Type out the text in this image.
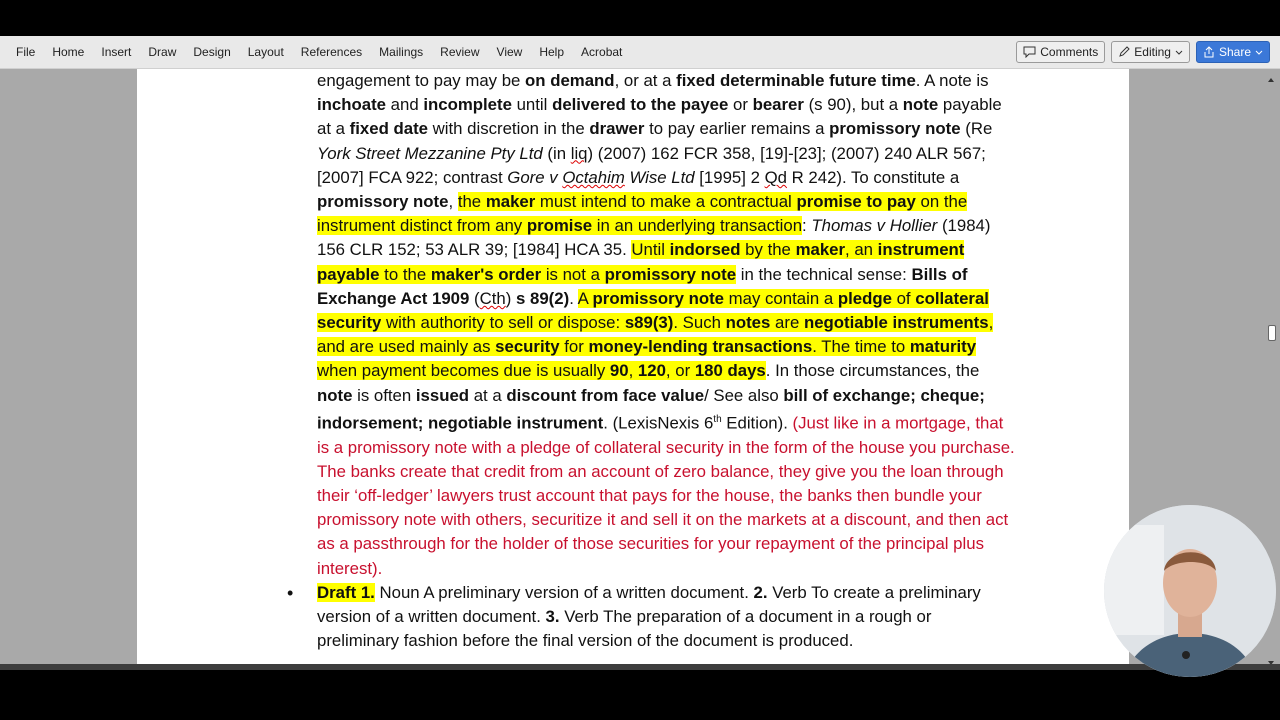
File	Home	Insert	Draw	Design	Layout	References	Mailings	Review	View	Help	Acrobat	Comments	Editing	Share

engagement to pay may be on demand, or at a fixed determinable future time. A note is inchoate and incomplete until delivered to the payee or bearer (s 90), but a note payable at a fixed date with discretion in the drawer to pay earlier remains a promissory note (Re York Street Mezzanine Pty Ltd (in liq) (2007) 162 FCR 358, [19]-[23]; (2007) 240 ALR 567; [2007] FCA 922; contrast Gore v Octahim Wise Ltd [1995] 2 Qd R 242). To constitute a promissory note, the maker must intend to make a contractual promise to pay on the instrument distinct from any promise in an underlying transaction: Thomas v Hollier (1984) 156 CLR 152; 53 ALR 39; [1984] HCA 35. Until indorsed by the maker, an instrument payable to the maker's order is not a promissory note in the technical sense: Bills of Exchange Act 1909 (Cth) s 89(2). A promissory note may contain a pledge of collateral security with authority to sell or dispose: s89(3). Such notes are negotiable instruments, and are used mainly as security for money-lending transactions. The time to maturity when payment becomes due is usually 90, 120, or 180 days. In those circumstances, the note is often issued at a discount from face value/ See also bill of exchange; cheque; indorsement; negotiable instrument. (LexisNexis 6th Edition). (Just like in a mortgage, that is a promissory note with a pledge of collateral security in the form of the house you purchase. The banks create that credit from an account of zero balance, they give you the loan through their ‘off-ledger’ lawyers trust account that pays for the house, the banks then bundle your promissory note with others, securitize it and sell it on the markets at a discount, and then act as a passthrough for the holder of those securities for your repayment of the principal plus interest).

• Draft 1. Noun A preliminary version of a written document. 2. Verb To create a preliminary version of a written document. 3. Verb The preparation of a document in a rough or preliminary fashion before the final version of the document is produced.
